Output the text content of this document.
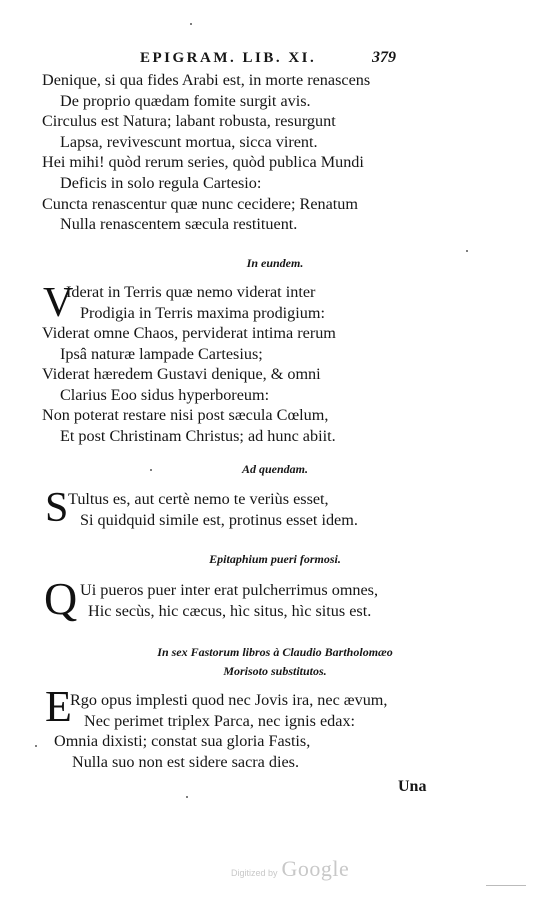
EPIGRAM. LIB. XI.	379
Denique, si qua fides Arabi est, in morte renascens
De proprio quædam fomite surgit avis.
Circulus est Natura; labant robusta, resurgunt
Lapsa, revivescunt mortua, sicca virent.
Hei mihi! quòd rerum series, quòd publica Mundi
Deficis in solo regula Cartesio:
Cuncta renascentur quæ nunc cecidere; Renatum
Nulla renascentem sæcula restituent.
In eundem.
V
Iderat in Terris quæ nemo viderat inter
Prodigia in Terris maxima prodigium:
Viderat omne Chaos, perviderat intima rerum
Ipsâ naturæ lampade Cartesius;
Viderat hæredem Gustavi denique, & omni
Clarius Eoo sidus hyperboreum:
Non poterat restare nisi post sæcula Cœlum,
Et post Christinam Christus; ad hunc abiit.
Ad quendam.
S Tultus es, aut certè nemo te veriùs esset,
Si quidquid simile est, protinus esset idem.
Epitaphium pueri formosi.
Q Ui pueros puer inter erat pulcherrimus omnes,
Hic secùs, hic cæcus, hìc situs, hìc situs est.
In sex Fastorum libros à Claudio Bartholomæo
Morisoto substitutos.
E
Rgo opus implesti quod nec Jovis ira, nec ævum,
Nec perimet triplex Parca, nec ignis edax:
Omnia dixisti; constat sua gloria Fastis,
Nulla suo non est sidere sacra dies.
Una
Digitized by Google
